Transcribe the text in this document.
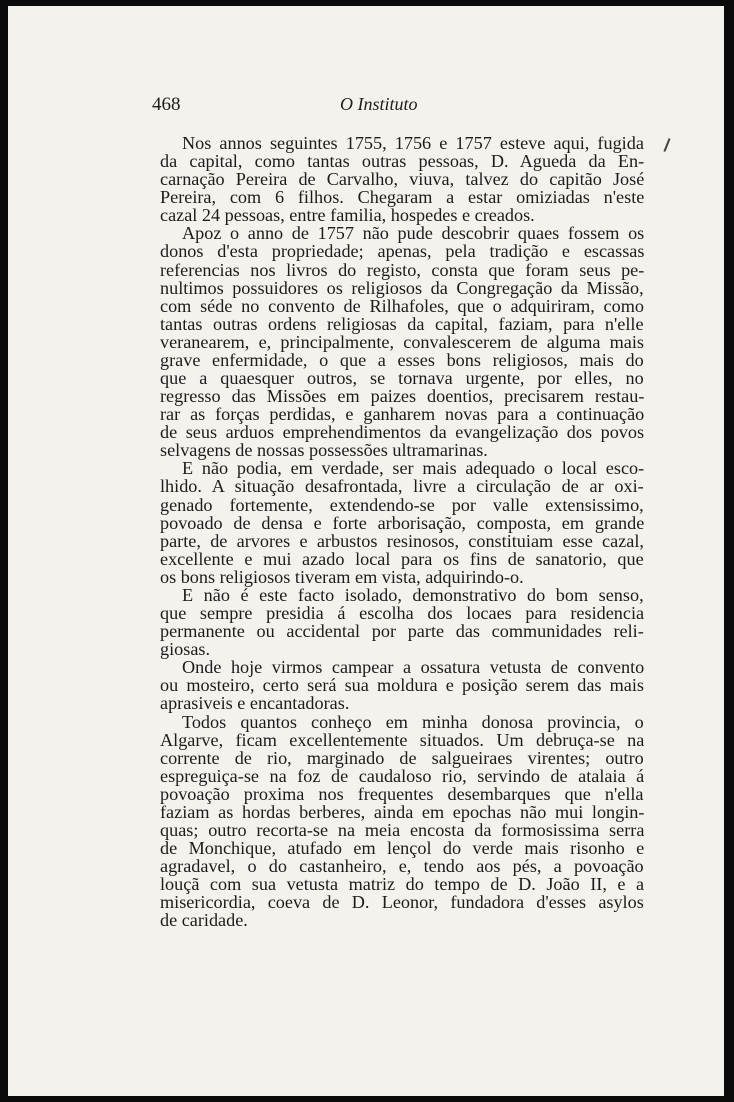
468	O Instituto

Nos annos seguintes 1755, 1756 e 1757 esteve aqui, fugida
da capital, como tantas outras pessoas, D. Agueda da En-
carnação Pereira de Carvalho, viuva, talvez do capitão José
Pereira, com 6 filhos. Chegaram a estar omiziadas n'este
cazal 24 pessoas, entre familia, hospedes e creados.

Apoz o anno de 1757 não pude descobrir quaes fossem os
donos d'esta propriedade; apenas, pela tradição e escassas
referencias nos livros do registo, consta que foram seus pe-
nultimos possuidores os religiosos da Congregação da Missão,
com séde no convento de Rilhafoles, que o adquiriram, como
tantas outras ordens religiosas da capital, faziam, para n'elle
veranearem, e, principalmente, convalescerem de alguma mais
grave enfermidade, o que a esses bons religiosos, mais do
que a quaesquer outros, se tornava urgente, por elles, no
regresso das Missões em paizes doentios, precisarem restau-
rar as forças perdidas, e ganharem novas para a continuação
de seus arduos emprehendimentos da evangelização dos povos
selvagens de nossas possessões ultramarinas.

E não podia, em verdade, ser mais adequado o local esco-
lhido. A situação desafrontada, livre a circulação de ar oxi-
genado fortemente, extendendo-se por valle extensissimo,
povoado de densa e forte arborisação, composta, em grande
parte, de arvores e arbustos resinosos, constituiam esse cazal,
excellente e mui azado local para os fins de sanatorio, que
os bons religiosos tiveram em vista, adquirindo-o.

E não é este facto isolado, demonstrativo do bom senso,
que sempre presidia á escolha dos locaes para residencia
permanente ou accidental por parte das communidades reli-
giosas.

Onde hoje virmos campear a ossatura vetusta de convento
ou mosteiro, certo será sua moldura e posição serem das mais
aprasiveis e encantadoras.

Todos quantos conheço em minha donosa provincia, o
Algarve, ficam excellentemente situados. Um debruça-se na
corrente de rio, marginado de salgueiraes virentes; outro
espreguiça-se na foz de caudaloso rio, servindo de atalaia á
povoação proxima nos frequentes desembarques que n'ella
faziam as hordas berberes, ainda em epochas não mui longin-
quas; outro recorta-se na meia encosta da formosissima serra
de Monchique, atufado em lençol do verde mais risonho e
agradavel, o do castanheiro, e, tendo aos pés, a povoação
louçã com sua vetusta matriz do tempo de D. João II, e a
misericordia, coeva de D. Leonor, fundadora d'esses asylos
de caridade.
